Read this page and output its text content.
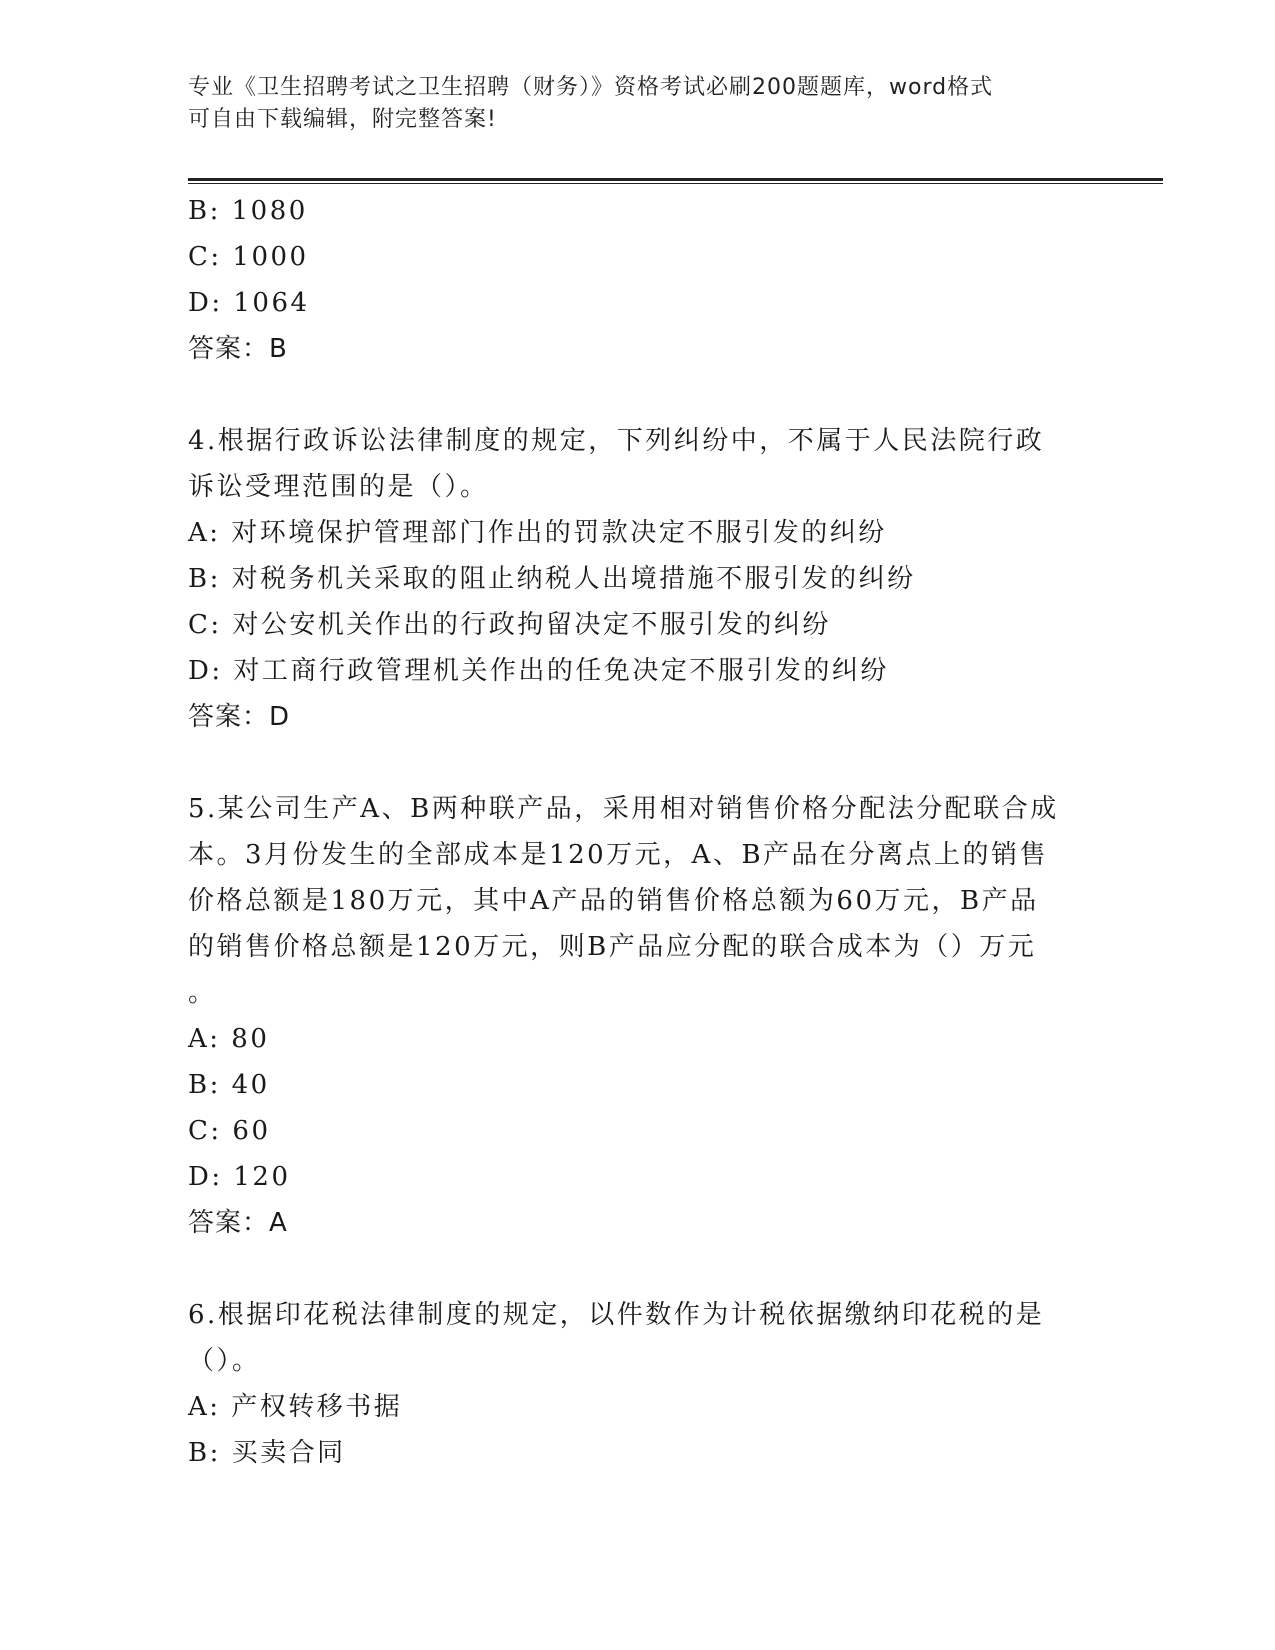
专业《卫生招聘考试之卫生招聘（财务）》资格考试必刷200题题库，word格式
可自由下载编辑，附完整答案!
B: 1080
C: 1000
D: 1064
答案：B
4.根据行政诉讼法律制度的规定，下列纠纷中，不属于人民法院行政
诉讼受理范围的是（）。
A: 对环境保护管理部门作出的罚款决定不服引发的纠纷
B: 对税务机关采取的阻止纳税人出境措施不服引发的纠纷
C: 对公安机关作出的行政拘留决定不服引发的纠纷
D: 对工商行政管理机关作出的任免决定不服引发的纠纷
答案：D
5.某公司生产A、B两种联产品，采用相对销售价格分配法分配联合成
本。3月份发生的全部成本是120万元，A、B产品在分离点上的销售
价格总额是180万元，其中A产品的销售价格总额为60万元，B产品
的销售价格总额是120万元，则B产品应分配的联合成本为（）万元
。
A: 80
B: 40
C: 60
D: 120
答案：A
6.根据印花税法律制度的规定，以件数作为计税依据缴纳印花税的是
（）。
A: 产权转移书据
B: 买卖合同
